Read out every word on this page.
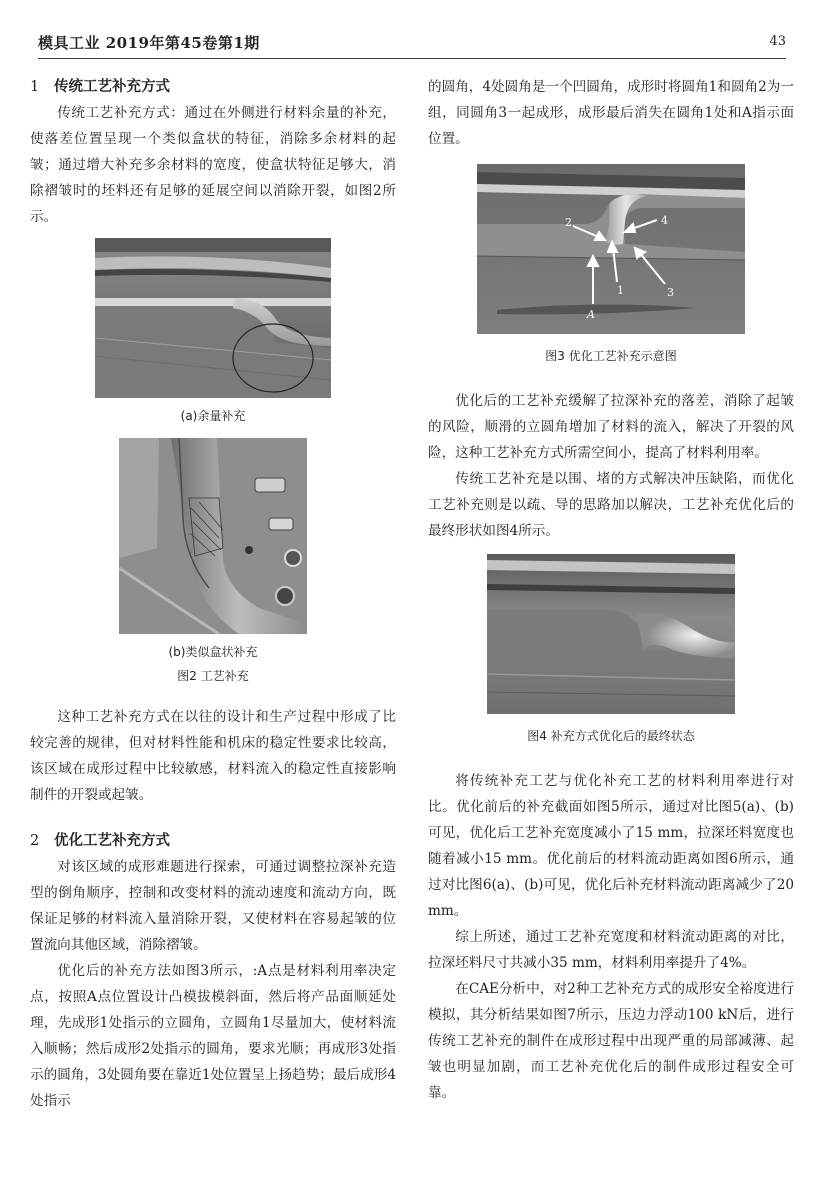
模具工业 2019年第45卷第1期	43
1 传统工艺补充方式

传统工艺补充方式：通过在外侧进行材料余量的补充，使落差位置呈现一个类似盒状的特征，消除多余材料的起皱；通过增大补充多余材料的宽度，使盒状特征足够大，消除褶皱时的坯料还有足够的延展空间以消除开裂，如图2所示。

(a)余量补充

(b)类似盒状补充

图2 工艺补充

这种工艺补充方式在以往的设计和生产过程中形成了比较完善的规律，但对材料性能和机床的稳定性要求比较高，该区域在成形过程中比较敏感，材料流入的稳定性直接影响制件的开裂或起皱。

2 优化工艺补充方式

对该区域的成形难题进行探索，可通过调整拉深补充造型的倒角顺序，控制和改变材料的流动速度和流动方向，既保证足够的材料流入量消除开裂，又使材料在容易起皱的位置流向其他区域，消除褶皱。

优化后的补充方法如图3所示，:A点是材料利用率决定点，按照A点位置设计凸模拔模斜面，然后将产品面顺延处理，先成形1处指示的立圆角，立圆角1尽量加大，使材料流入顺畅；然后成形2处指示的圆角，要求光顺；再成形3处指示的圆角，3处圆角要在靠近1处位置呈上扬趋势；最后成形4处指示

的圆角，4处圆角是一个凹圆角，成形时将圆角1和圆角2为一组，同圆角3一起成形，成形最后消失在圆角1处和A指示面位置。

2
1	3
4
A

图3 优化工艺补充示意图

优化后的工艺补充缓解了拉深补充的落差，消除了起皱的风险，顺滑的立圆角增加了材料的流入，解决了开裂的风险，这种工艺补充方式所需空间小，提高了材料利用率。

传统工艺补充是以围、堵的方式解决冲压缺陷，而优化工艺补充则是以疏、导的思路加以解决，工艺补充优化后的最终形状如图4所示。

图4 补充方式优化后的最终状态

将传统补充工艺与优化补充工艺的材料利用率进行对比。优化前后的补充截面如图5所示，通过对比图5(a)、(b)可见，优化后工艺补充宽度减小了15 mm，拉深坯料宽度也随着减小15 mm。优化前后的材料流动距离如图6所示，通过对比图6(a)、(b)可见，优化后补充材料流动距离减少了20 mm。

综上所述，通过工艺补充宽度和材料流动距离的对比，拉深坯料尺寸共减小35 mm，材料利用率提升了4%。

在CAE分析中，对2种工艺补充方式的成形安全裕度进行模拟，其分析结果如图7所示，压边力浮动100 kN后，进行传统工艺补充的制件在成形过程中出现严重的局部减薄、起皱也明显加剧，而工艺补充优化后的制件成形过程安全可靠。
